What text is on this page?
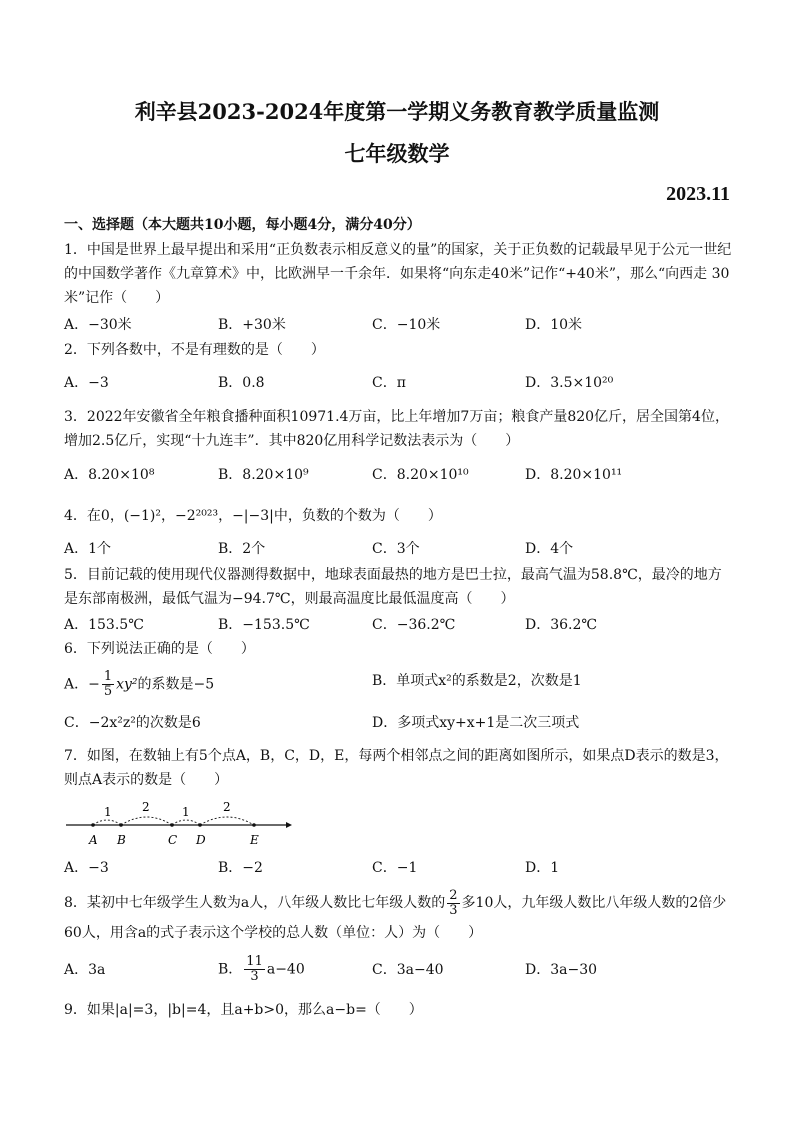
利辛县2023-2024年度第一学期义务教育教学质量监测
七年级数学
2023.11
一、选择题（本大题共10小题，每小题4分，满分40分）
1．中国是世界上最早提出和采用“正负数表示相反意义的量”的国家，关于正负数的记载最早见于公元一世纪的中国数学著作《九章算术》中，比欧洲早一千余年．如果将“向东走40米”记作“+40米”，那么“向西走 30米”记作（　　）
A．−30米	B．+30米	C．−10米	D．10米
2．下列各数中，不是有理数的是（　　）
A．−3	B．0.8̇	C．π	D．3.5×10²⁰
3．2022年安徽省全年粮食播种面积10971.4万亩，比上年增加7万亩；粮食产量820亿斤，居全国第4位，增加2.5亿斤，实现“十九连丰”．其中820亿用科学记数法表示为（　　）
A．8.20×10⁸	B．8.20×10⁹	C．8.20×10¹⁰	D．8.20×10¹¹
4．在0，(−1)²，−2²⁰²³，−|−3|中，负数的个数为（　　）
A．1个	B．2个	C．3个	D．4个
5．目前记载的使用现代仪器测得数据中，地球表面最热的地方是巴士拉，最高气温为58.8℃，最冷的地方是东部南极洲，最低气温为−94.7℃，则最高温度比最低温度高（　　）
A．153.5℃	B．−153.5℃	C．−36.2℃	D．36.2℃
6．下列说法正确的是（　　）
A．− $\frac{1}{5} xy^2$的系数是−5	B．单项式x²的系数是2，次数是1
C．−2x²z²的次数是6	D．多项式xy+x+1是二次三项式
7．如图，在数轴上有5个点A，B，C，D，E，每两个相邻点之间的距离如图所示，如果点D表示的数是3，则点A表示的数是（　　）
1	2	1	2
A B	C D	E
A．−3	B．−2	C．−1	D．1
8．某初中七年级学生人数为a人，八年级人数比七年级人数的 $\frac{2}{3}$ 多10人，九年级人数比八年级人数的2倍少60人，用含a的式子表示这个学校的总人数（单位：人）为（　　）
A．3a	B． $\frac{11}{3} a-40$	C．3a−40	D．3a−30
9．如果|a|=3，|b|=4，且a+b>0，那么a−b=（　　）
